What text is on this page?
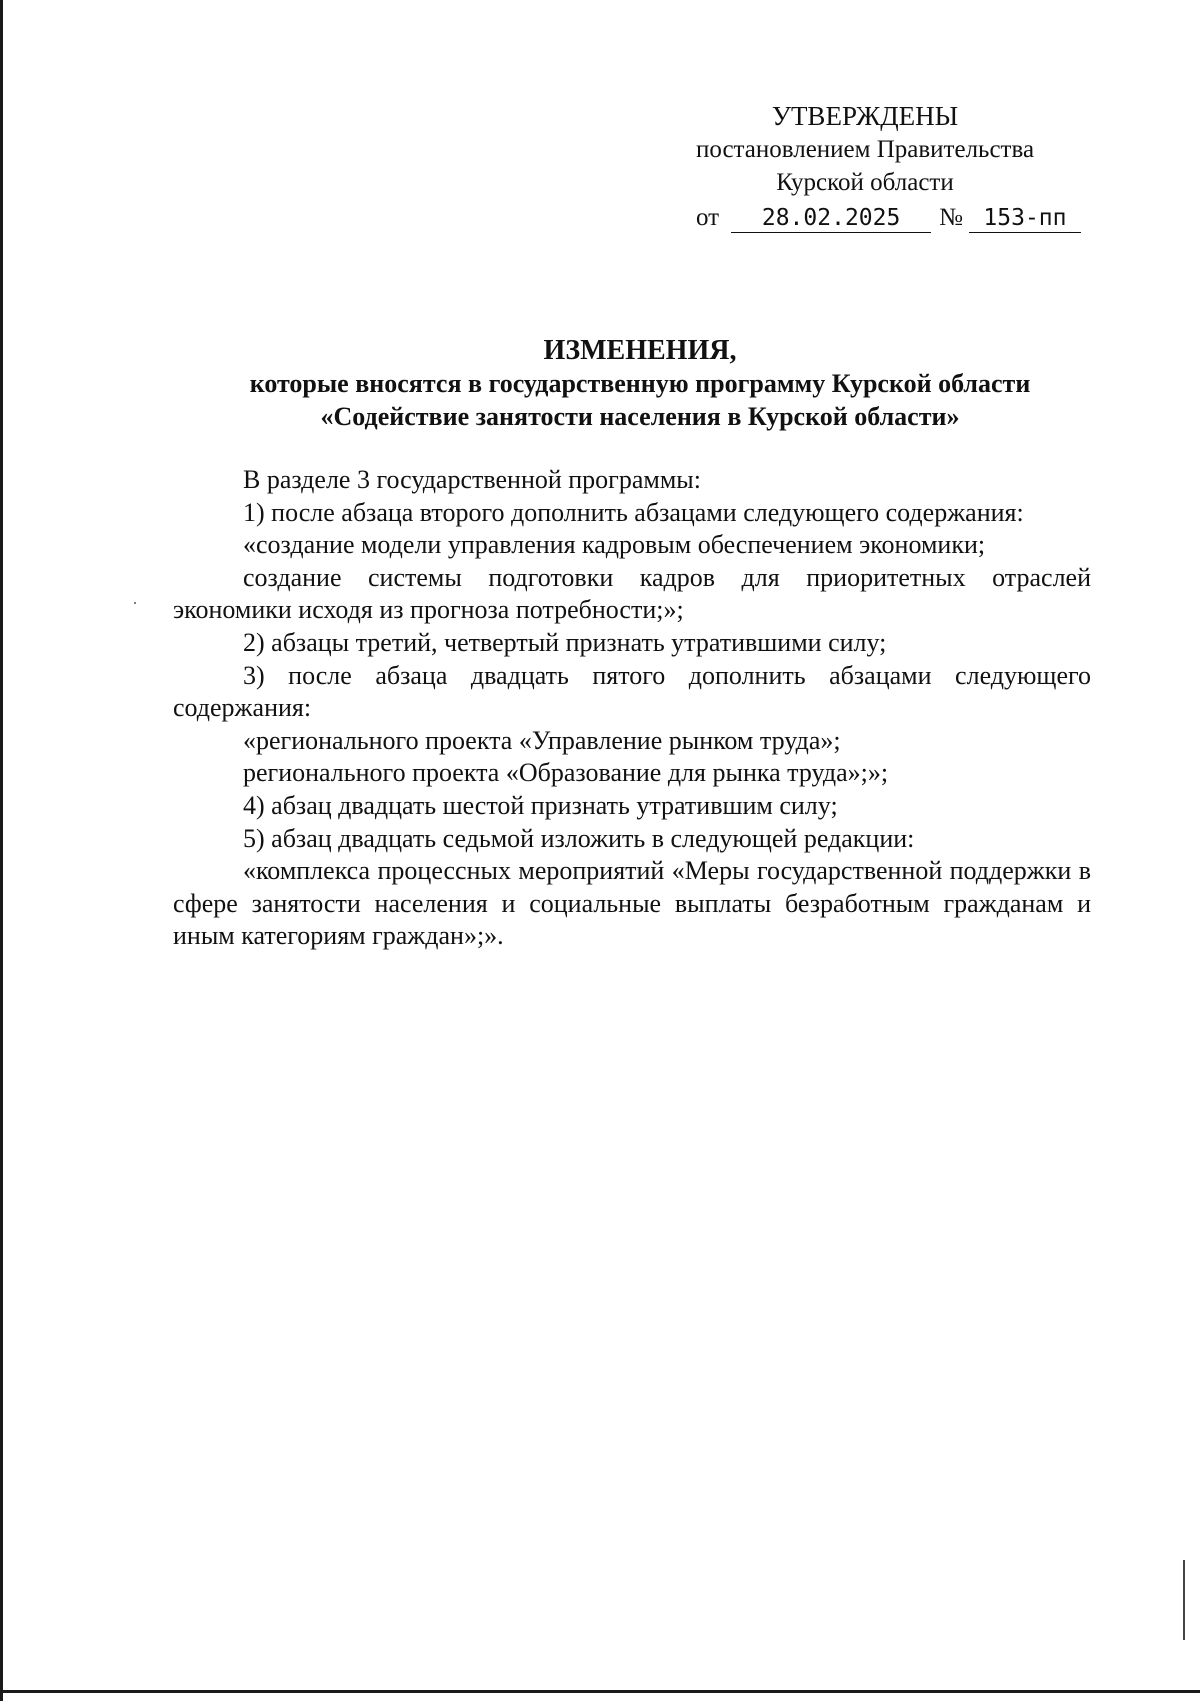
УТВЕРЖДЕНЫ
постановлением Правительства
Курской области
от 28.02.2025 № 153-пп
ИЗМЕНЕНИЯ,
которые вносятся в государственную программу Курской области
«Содействие занятости населения в Курской области»

В разделе 3 государственной программы:

1) после абзаца второго дополнить абзацами следующего содержания:

«создание модели управления кадровым обеспечением экономики;

создание системы подготовки кадров для приоритетных отраслей экономики исходя из прогноза потребности;»;

2) абзацы третий, четвертый признать утратившими силу;

3) после абзаца двадцать пятого дополнить абзацами следующего содержания:

«регионального проекта «Управление рынком труда»;

регионального проекта «Образование для рынка труда»;»;

4) абзац двадцать шестой признать утратившим силу;

5) абзац двадцать седьмой изложить в следующей редакции:

«комплекса процессных мероприятий «Меры государственной поддержки в сфере занятости населения и социальные выплаты безработным гражданам и иным категориям граждан»;».
